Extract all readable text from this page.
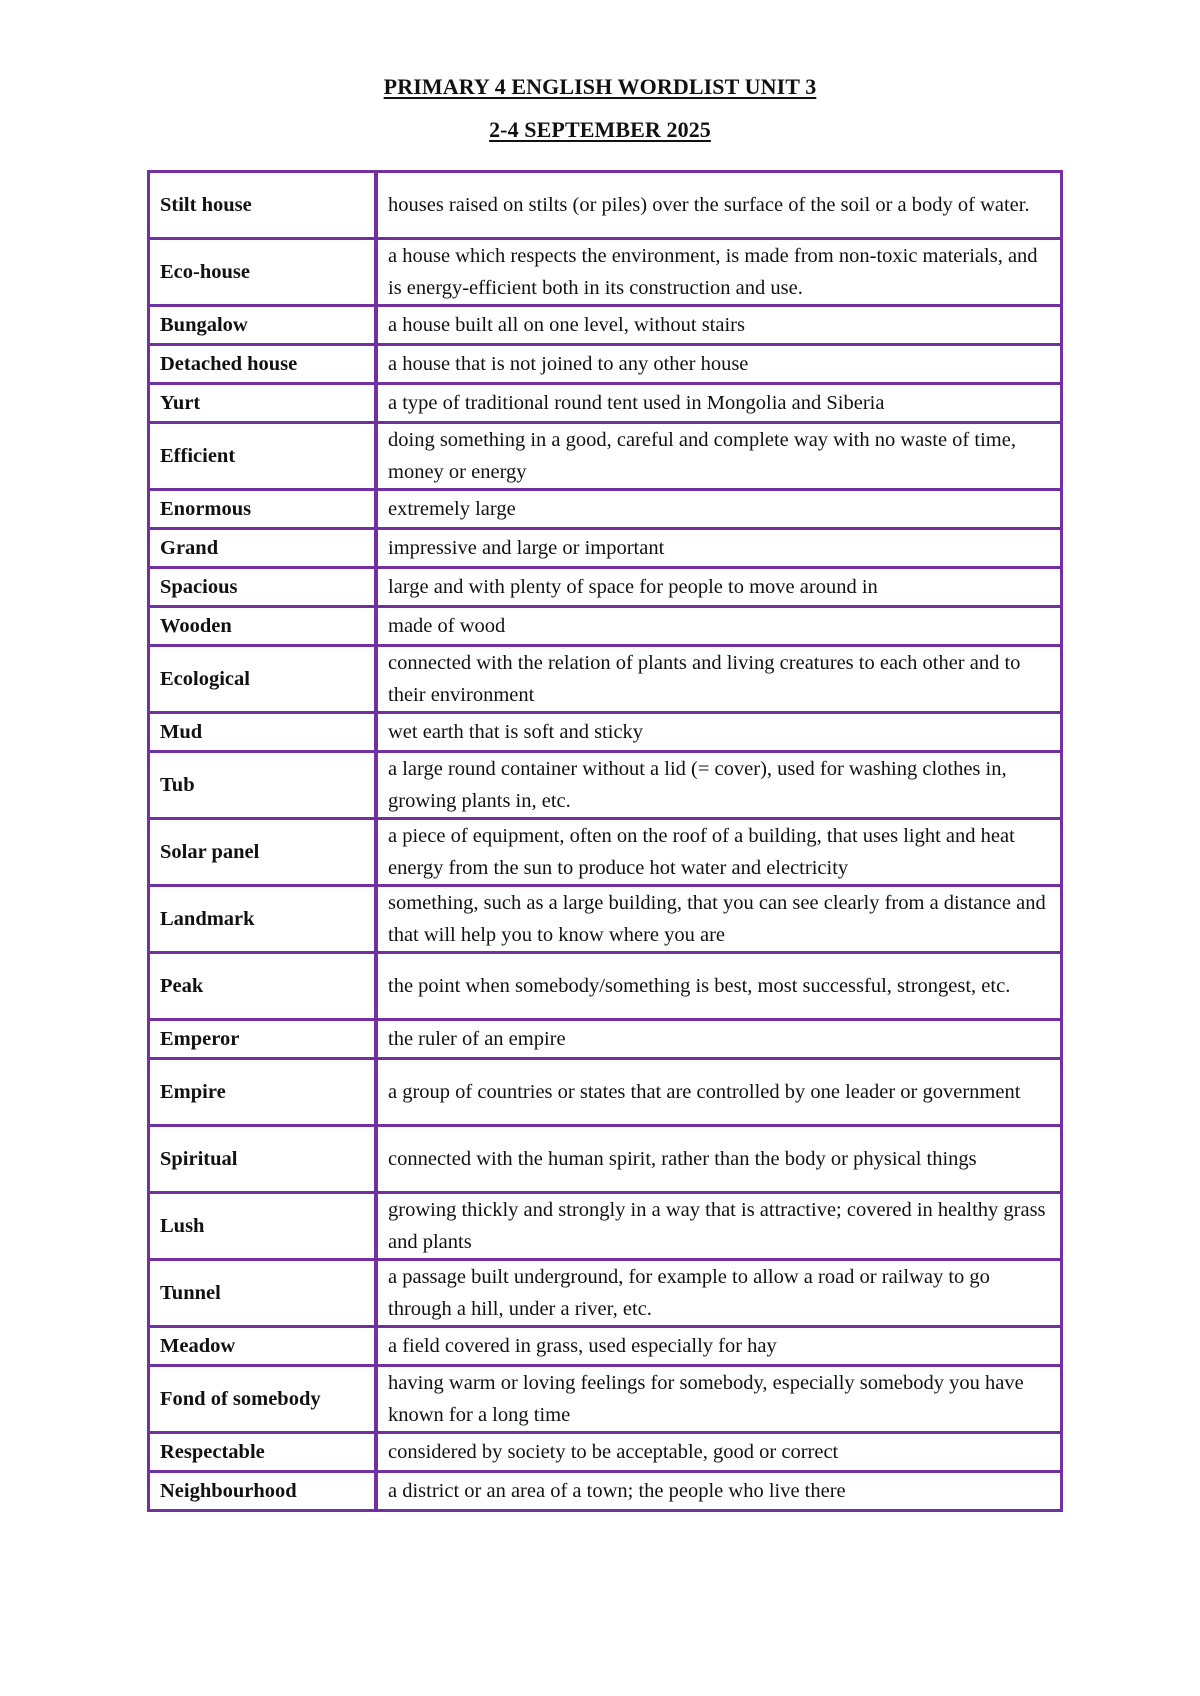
PRIMARY 4 ENGLISH WORDLIST UNIT 3
2-4 SEPTEMBER 2025
Stilt house	houses raised on stilts (or piles) over the surface of the soil or a body of water.
Eco-house	a house which respects the environment, is made from non-toxic materials, and is energy-efficient both in its construction and use.
Bungalow	a house built all on one level, without stairs
Detached house	a house that is not joined to any other house
Yurt	a type of traditional round tent used in Mongolia and Siberia
Efficient	doing something in a good, careful and complete way with no waste of time, money or energy
Enormous	extremely large
Grand	impressive and large or important
Spacious	large and with plenty of space for people to move around in
Wooden	made of wood
Ecological	connected with the relation of plants and living creatures to each other and to their environment
Mud	wet earth that is soft and sticky
Tub	a large round container without a lid (= cover), used for washing clothes in, growing plants in, etc.
Solar panel	a piece of equipment, often on the roof of a building, that uses light and heat energy from the sun to produce hot water and electricity
Landmark	something, such as a large building, that you can see clearly from a distance and that will help you to know where you are
Peak	the point when somebody/something is best, most successful, strongest, etc.
Emperor	the ruler of an empire
Empire	a group of countries or states that are controlled by one leader or government
Spiritual	connected with the human spirit, rather than the body or physical things
Lush	growing thickly and strongly in a way that is attractive; covered in healthy grass and plants
Tunnel	a passage built underground, for example to allow a road or railway to go through a hill, under a river, etc.
Meadow	a field covered in grass, used especially for hay
Fond of somebody	having warm or loving feelings for somebody, especially somebody you have known for a long time
Respectable	considered by society to be acceptable, good or correct
Neighbourhood	a district or an area of a town; the people who live there
